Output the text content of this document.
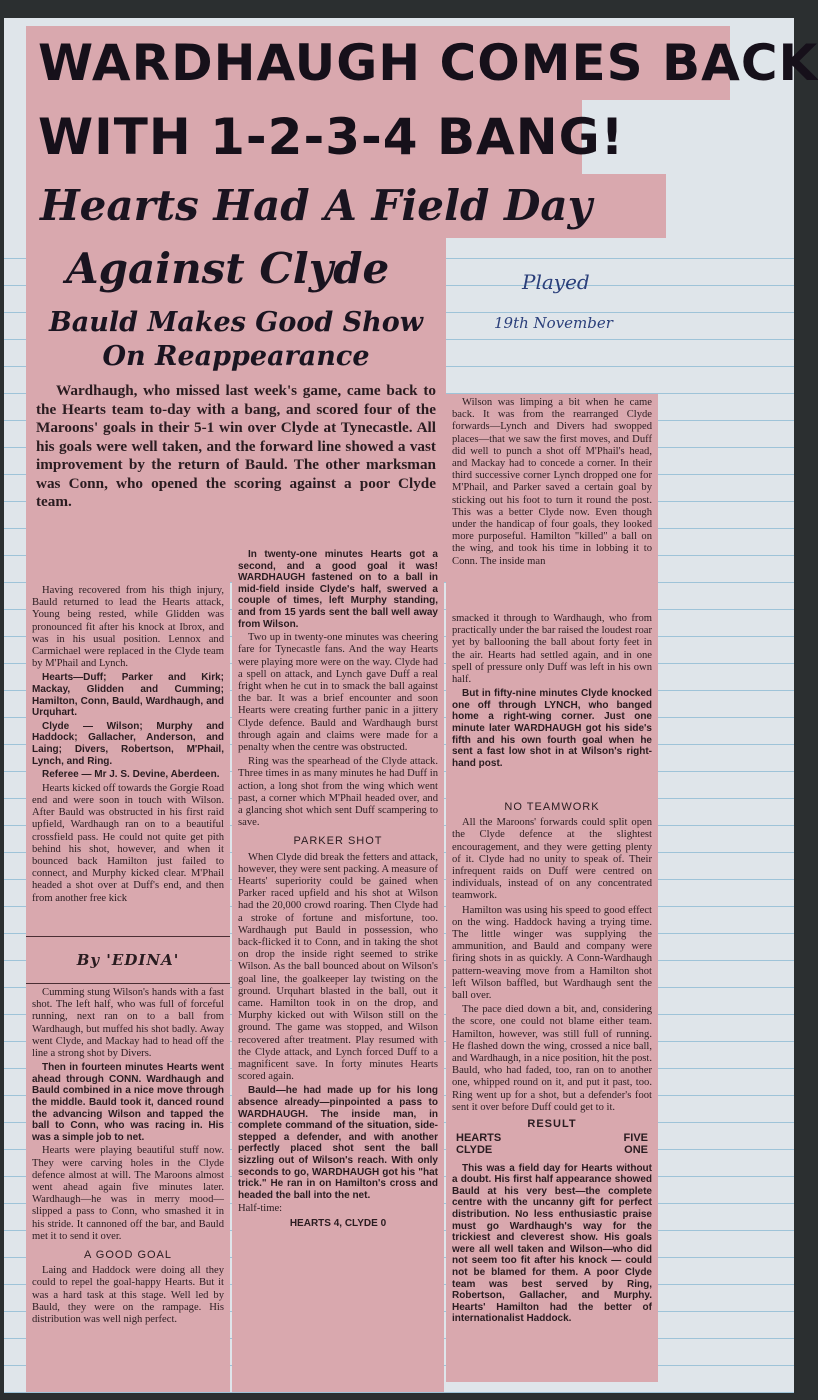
WARDHAUGH COMES BACK
WITH 1-2-3-4 BANG!
Hearts Had A Field Day
Against Clyde	Played
19th November
Bauld Makes Good Show
On Reappearance
Wardhaugh, who missed last week's game, came back to the Hearts team to-day with a bang, and scored four of the Maroons' goals in their 5-1 win over Clyde at Tynecastle. All his goals were well taken, and the forward line showed a vast improvement by the return of Bauld. The other marksman was Conn, who opened the scoring against a poor Clyde team.

Having recovered from his thigh injury, Bauld returned to lead the Hearts attack, Young being rested, while Glidden was pronounced fit after his knock at Ibrox, and was in his usual position. Lennox and Carmichael were replaced in the Clyde team by M'Phail and Lynch.

Hearts—Duff; Parker and Kirk; Mackay, Glidden and Cumming; Hamilton, Conn, Bauld, Wardhaugh, and Urquhart.

Clyde — Wilson; Murphy and Haddock; Gallacher, Anderson, and Laing; Divers, Robertson, M'Phail, Lynch, and Ring.

Referee — Mr J. S. Devine, Aberdeen.

Hearts kicked off towards the Gorgie Road end and were soon in touch with Wilson. After Bauld was obstructed in his first raid upfield, Wardhaugh ran on to a beautiful crossfield pass. He could not quite get pith behind his shot, however, and when it bounced back Hamilton just failed to connect, and Murphy kicked clear. M'Phail headed a shot over at Duff's end, and then from another free kick

By 'EDINA'

Cumming stung Wilson's hands with a fast shot. The left half, who was full of forceful running, next ran on to a ball from Wardhaugh, but muffed his shot badly. Away went Clyde, and Mackay had to head off the line a strong shot by Divers.

Then in fourteen minutes Hearts went ahead through CONN. Wardhaugh and Bauld combined in a nice move through the middle. Bauld took it, danced round the advancing Wilson and tapped the ball to Conn, who was racing in. His was a simple job to net.

Hearts were playing beautiful stuff now. They were carving holes in the Clyde defence almost at will. The Maroons almost went ahead again five minutes later. Wardhaugh—he was in merry mood—slipped a pass to Conn, who smashed it in his stride. It cannoned off the bar, and Bauld met it to send it over.

A GOOD GOAL

Laing and Haddock were doing all they could to repel the goal-happy Hearts. But it was a hard task at this stage. Well led by Bauld, they were on the rampage. His distribution was well nigh perfect.

In twenty-one minutes Hearts got a second, and a good goal it was! WARDHAUGH fastened on to a ball in mid-field inside Clyde's half, swerved a couple of times, left Murphy standing, and from 15 yards sent the ball well away from Wilson.

Two up in twenty-one minutes was cheering fare for Tynecastle fans. And the way Hearts were playing more were on the way. Clyde had a spell on attack, and Lynch gave Duff a real fright when he cut in to smack the ball against the bar. It was a brief encounter and soon Hearts were creating further panic in a jittery Clyde defence. Bauld and Wardhaugh burst through again and claims were made for a penalty when the centre was obstructed.

Ring was the spearhead of the Clyde attack. Three times in as many minutes he had Duff in action, a long shot from the wing which went past, a corner which M'Phail headed over, and a glancing shot which sent Duff scampering to save.

PARKER SHOT

When Clyde did break the fetters and attack, however, they were sent packing. A measure of Hearts' superiority could be gained when Parker raced upfield and his shot at Wilson had the 20,000 crowd roaring. Then Clyde had a stroke of fortune and misfortune, too. Wardhaugh put Bauld in possession, who back-flicked it to Conn, and in taking the shot on drop the inside right seemed to strike Wilson. As the ball bounced about on Wilson's goal line, the goalkeeper lay twisting on the ground. Urquhart blasted in the ball, out it came. Hamilton took in on the drop, and Murphy kicked out with Wilson still on the ground. The game was stopped, and Wilson recovered after treatment. Play resumed with the Clyde attack, and Lynch forced Duff to a magnificent save. In forty minutes Hearts scored again.

Bauld—he had made up for his long absence already—pinpointed a pass to WARDHAUGH. The inside man, in complete command of the situation, side-stepped a defender, and with another perfectly placed shot sent the ball sizzling out of Wilson's reach. With only seconds to go, WARDHAUGH got his "hat trick." He ran in on Hamilton's cross and headed the ball into the net.

Half-time:

HEARTS 4, CLYDE 0

Wilson was limping a bit when he came back. It was from the rearranged Clyde forwards—Lynch and Divers had swopped places—that we saw the first moves, and Duff did well to punch a shot off M'Phail's head, and Mackay had to concede a corner. In their third successive corner Lynch dropped one for M'Phail, and Parker saved a certain goal by sticking out his foot to turn it round the post. This was a better Clyde now. Even though under the handicap of four goals, they looked more purposeful. Hamilton "killed" a ball on the wing, and took his time in lobbing it to Conn. The inside man

smacked it through to Wardhaugh, who from practically under the bar raised the loudest roar yet by ballooning the ball about forty feet in the air. Hearts had settled again, and in one spell of pressure only Duff was left in his own half.

But in fifty-nine minutes Clyde knocked one off through LYNCH, who banged home a right-wing corner. Just one minute later WARDHAUGH got his side's fifth and his own fourth goal when he sent a fast low shot in at Wilson's right-hand post.

NO TEAMWORK

All the Maroons' forwards could split open the Clyde defence at the slightest encouragement, and they were getting plenty of it. Clyde had no unity to speak of. Their infrequent raids on Duff were centred on individuals, instead of on any concentrated teamwork.

Hamilton was using his speed to good effect on the wing. Haddock having a trying time. The little winger was supplying the ammunition, and Bauld and company were firing shots in as quickly. A Conn-Wardhaugh pattern-weaving move from a Hamilton shot left Wilson baffled, but Wardhaugh sent the ball over.

The pace died down a bit, and, considering the score, one could not blame either team. Hamilton, however, was still full of running. He flashed down the wing, crossed a nice ball, and Wardhaugh, in a nice position, hit the post. Bauld, who had faded, too, ran on to another one, whipped round on it, and put it past, too. Ring went up for a shot, but a defender's foot sent it over before Duff could get to it.

RESULT
HEARTS	FIVE
CLYDE	ONE

This was a field day for Hearts without a doubt. His first half appearance showed Bauld at his very best—the complete centre with the uncanny gift for perfect distribution. No less enthusiastic praise must go Wardhaugh's way for the trickiest and cleverest show. His goals were all well taken and Wilson—who did not seem too fit after his knock — could not be blamed for them. A poor Clyde team was best served by Ring, Robertson, Gallacher, and Murphy. Hearts' Hamilton had the better of internationalist Haddock.
